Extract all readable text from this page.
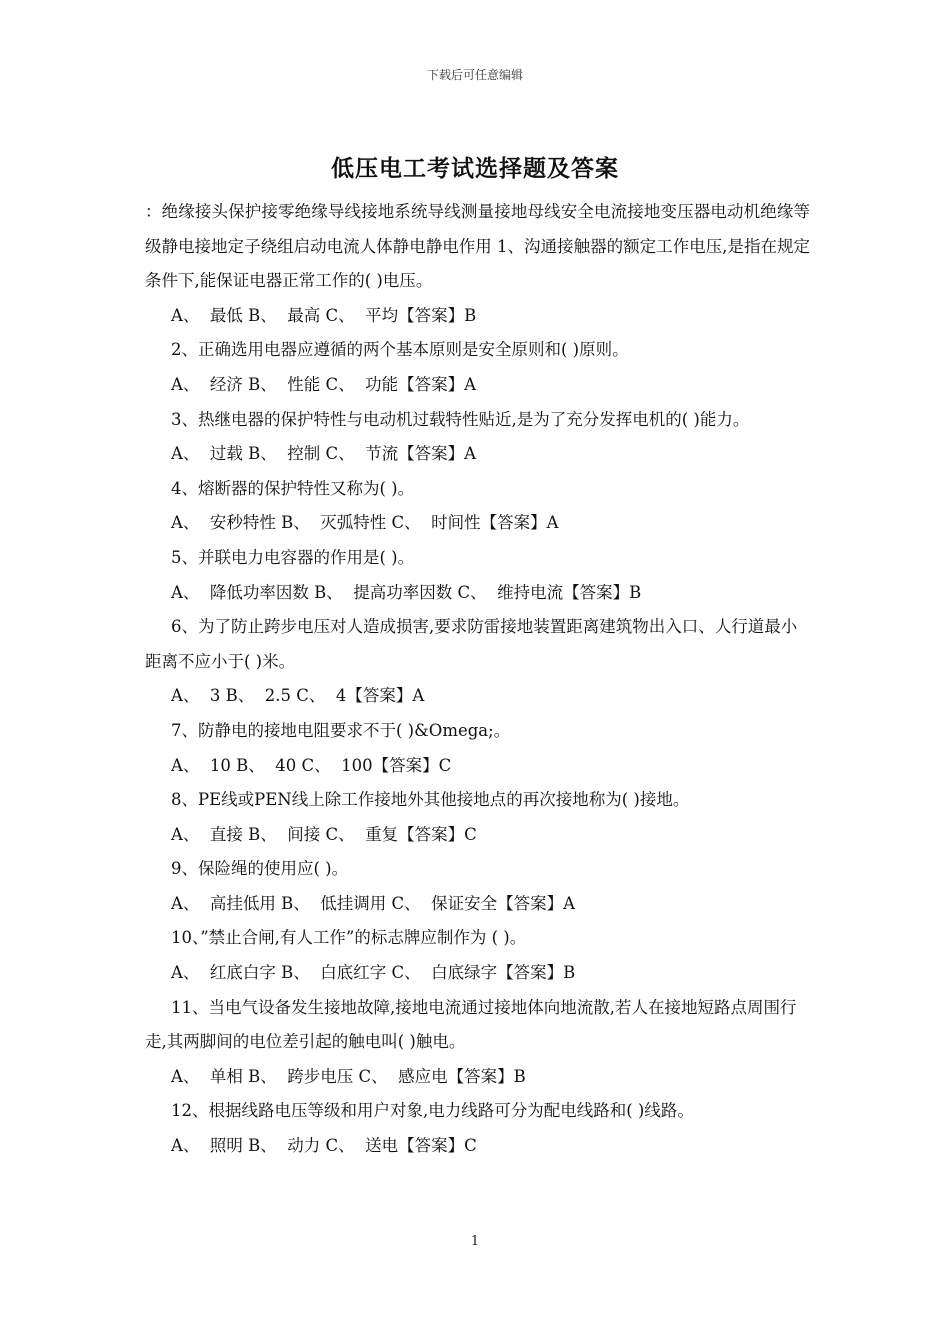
下载后可任意编辑
低压电工考试选择题及答案

：绝缘接头保护接零绝缘导线接地系统导线测量接地母线安全电流接地变压器电动机绝缘等级静电接地定子绕组启动电流人体静电静电作用 1、沟通接触器的额定工作电压,是指在规定条件下,能保证电器正常工作的( )电压。

A、  最低 B、  最高 C、  平均【答案】B

2、正确选用电器应遵循的两个基本原则是安全原则和( )原则。

A、  经济 B、  性能 C、  功能【答案】A

3、热继电器的保护特性与电动机过载特性贴近,是为了充分发挥电机的( )能力。

A、  过载 B、  控制 C、  节流【答案】A

4、熔断器的保护特性又称为( )。

A、  安秒特性 B、  灭弧特性 C、  时间性【答案】A

5、并联电力电容器的作用是( )。

A、  降低功率因数 B、  提高功率因数 C、  维持电流【答案】B

6、为了防止跨步电压对人造成损害,要求防雷接地装置距离建筑物出入口、人行道最小距离不应小于( )米。

A、  3 B、  2.5 C、  4【答案】A

7、防静电的接地电阻要求不于( )&Omega;。

A、  10 B、  40 C、  100【答案】C

8、PE线或PEN线上除工作接地外其他接地点的再次接地称为( )接地。

A、  直接 B、  间接 C、  重复【答案】C

9、保险绳的使用应( )。

A、  高挂低用 B、  低挂调用 C、  保证安全【答案】A

10、”禁止合闸,有人工作”的标志牌应制作为 ( )。

A、  红底白字 B、  白底红字 C、  白底绿字【答案】B

11、当电气设备发生接地故障,接地电流通过接地体向地流散,若人在接地短路点周围行走,其两脚间的电位差引起的触电叫( )触电。

A、  单相 B、  跨步电压 C、  感应电【答案】B

12、根据线路电压等级和用户对象,电力线路可分为配电线路和( )线路。

A、  照明 B、  动力 C、  送电【答案】C

1
